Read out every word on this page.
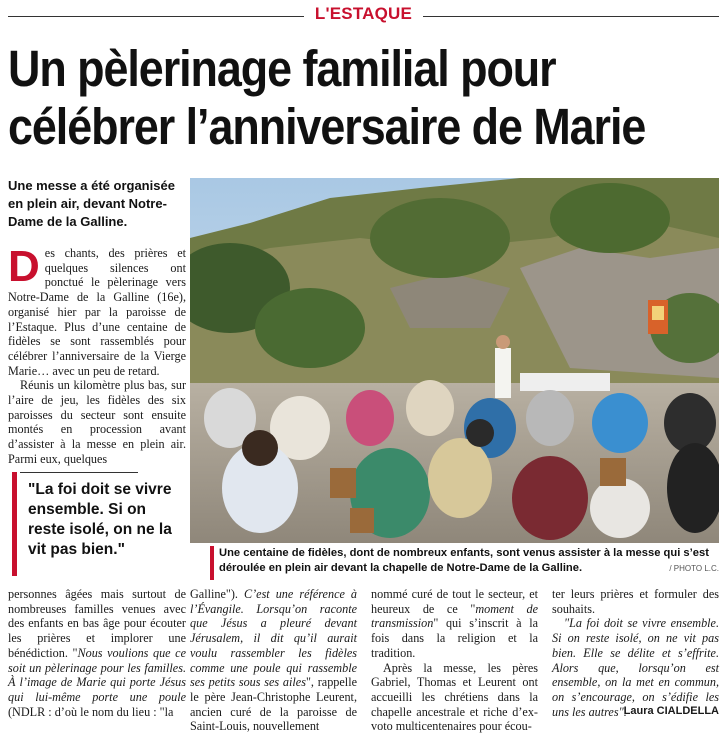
L'ESTAQUE
Un pèlerinage familial pour
célébrer l’anniversaire de Marie
Une messe a été organisée en plein air, devant Notre-Dame de la Galline.

Des chants, des prières et quelques silences ont ponctué le pèlerinage vers Notre-Dame de la Galline (16e), organisé hier par la paroisse de l’Estaque. Plus d’une centaine de fidèles se sont rassemblés pour célébrer l’anniversaire de la Vierge Marie… avec un peu de retard.

Réunis un kilomètre plus bas, sur l’aire de jeu, les fidèles des six paroisses du secteur sont ensuite montés en procession avant d’assister à la messe en plein air. Parmi eux, quelques

"La foi doit se vivre ensemble. Si on reste isolé, on ne la vit pas bien."	Une centaine de fidèles, dont de nombreux enfants, sont venus assister à la messe qui s’est déroulée en plein air devant la chapelle de Notre-Dame de la Galline.	/ PHOTO L.C.

personnes âgées mais surtout de nombreuses familles venues avec des enfants en bas âge pour écouter les prières et implorer une bénédiction. "Nous voulions que ce soit un pèlerinage pour les familles. À l’image de Marie qui porte Jésus qui lui-même porte une poule (NDLR : d’où le nom du lieu : "la

Galline"). C’est une référence à l’Évangile. Lorsqu’on raconte que Jésus a pleuré devant Jérusalem, il dit qu’il aurait voulu rassembler les fidèles comme une poule qui rassemble ses petits sous ses ailes", rappelle le père Jean-Christophe Leurent, ancien curé de la paroisse de Saint-Louis, nouvellement

nommé curé de tout le secteur, et heureux de ce "moment de transmission" qui s’inscrit à la fois dans la religion et la tradition.

Après la messe, les pères Gabriel, Thomas et Leurent ont accueilli les chrétiens dans la chapelle ancestrale et riche d’ex-voto multicentenaires pour écou-

ter leurs prières et formuler des souhaits.

"La foi doit se vivre ensemble. Si on reste isolé, on ne vit pas bien. Elle se délite et s’effrite. Alors que, lorsqu’on est ensemble, on la met en commun, on s’encourage, on s’édifie les uns les autres".

Laura CIALDELLA
